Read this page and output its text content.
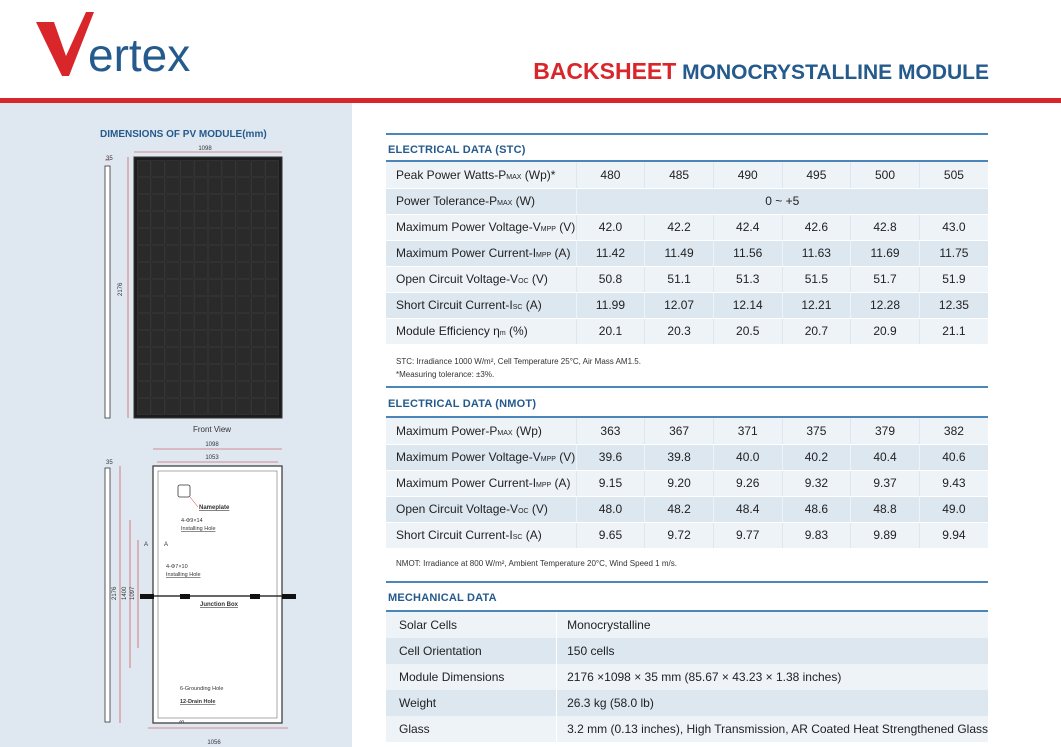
ertex	BACKSHEET MONOCRYSTALLINE MODULE
DIMENSIONS OF PV MODULE(mm)
35
1098
2176
Front View
1098
1053
35
2176 1400 1097
Nameplate
4-Φ9×14
Installing Hole
A	A
4-Φ7×10
Installing Hole
Junction Box
6-Grounding Hole
12-Drain Hole
B
1056
ELECTRICAL DATA (STC)
Peak Power Watts-PMAX (Wp)*	480	485	490	495	500	505
Power Tolerance-PMAX (W)	0 ~ +5					
Maximum Power Voltage-VMPP (V)	42.0	42.2	42.4	42.6	42.8	43.0
Maximum Power Current-IMPP (A)	11.42	11.49	11.56	11.63	11.69	11.75
Open Circuit Voltage-VOC (V)	50.8	51.1	51.3	51.5	51.7	51.9
Short Circuit Current-ISC (A)	11.99	12.07	12.14	12.21	12.28	12.35
Module Efficiency ηm (%)	20.1	20.3	20.5	20.7	20.9	21.1
STC: Irradiance 1000 W/m², Cell Temperature 25°C, Air Mass AM1.5.
*Measuring tolerance: ±3%.
ELECTRICAL DATA (NMOT)
Maximum Power-PMAX (Wp)	363	367	371	375	379	382
Maximum Power Voltage-VMPP (V)	39.6	39.8	40.0	40.2	40.4	40.6
Maximum Power Current-IMPP (A)	9.15	9.20	9.26	9.32	9.37	9.43
Open Circuit Voltage-VOC (V)	48.0	48.2	48.4	48.6	48.8	49.0
Short Circuit Current-ISC (A)	9.65	9.72	9.77	9.83	9.89	9.94
NMOT: Irradiance at 800 W/m², Ambient Temperature 20°C, Wind Speed 1 m/s.
MECHANICAL DATA
Solar Cells	Monocrystalline
Cell Orientation	150 cells
Module Dimensions	2176 ×1098 × 35 mm (85.67 × 43.23 × 1.38 inches)
Weight	26.3 kg (58.0 lb)
Glass	3.2 mm (0.13 inches), High Transmission, AR Coated Heat Strengthened Glass
